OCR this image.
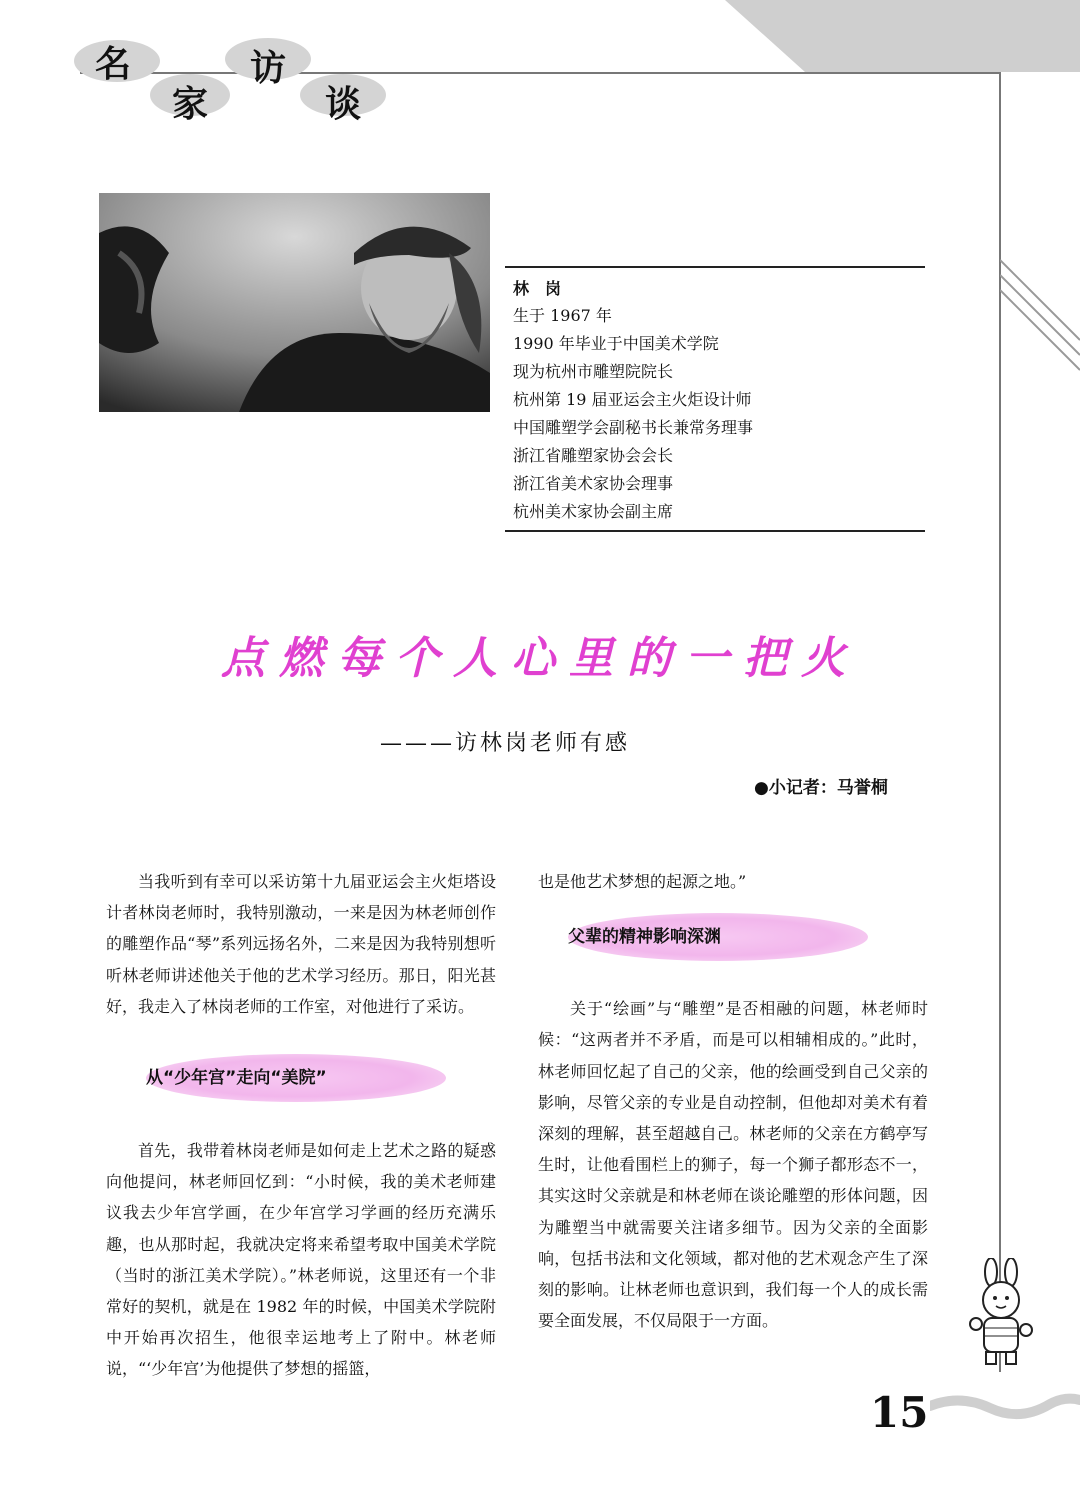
名
家
访
谈
林　岗
生于 1967 年
1990 年毕业于中国美术学院
现为杭州市雕塑院院长
杭州第 19 届亚运会主火炬设计师
中国雕塑学会副秘书长兼常务理事
浙江省雕塑家协会会长
浙江省美术家协会理事
杭州美术家协会副主席
点燃每个人心里的一把火
———访林岗老师有感
●小记者：马誉桐

当我听到有幸可以采访第十九届亚运会主火炬塔设计者林岗老师时，我特别激动，一来是因为林老师创作的雕塑作品“琴”系列远扬名外，二来是因为我特别想听听林老师讲述他关于他的艺术学习经历。那日，阳光甚好，我走入了林岗老师的工作室，对他进行了采访。

从“少年宫”走向“美院”

首先，我带着林岗老师是如何走上艺术之路的疑惑向他提问，林老师回忆到：“小时候，我的美术老师建议我去少年宫学画，在少年宫学习学画的经历充满乐趣，也从那时起，我就决定将来希望考取中国美术学院（当时的浙江美术学院）。”林老师说，这里还有一个非常好的契机，就是在 1982 年的时候，中国美术学院附中开始再次招生，他很幸运地考上了附中。林老师说，“‘少年宫’为他提供了梦想的摇篮，

也是他艺术梦想的起源之地。”

父辈的精神影响深渊

关于“绘画”与“雕塑”是否相融的问题，林老师时候：“这两者并不矛盾，而是可以相辅相成的。”此时，林老师回忆起了自己的父亲，他的绘画受到自己父亲的影响，尽管父亲的专业是自动控制，但他却对美术有着深刻的理解，甚至超越自己。林老师的父亲在方鹤亭写生时，让他看围栏上的狮子，每一个狮子都形态不一，其实这时父亲就是和林老师在谈论雕塑的形体问题，因为雕塑当中就需要关注诸多细节。因为父亲的全面影响，包括书法和文化领域，都对他的艺术观念产生了深刻的影响。让林老师也意识到，我们每一个人的成长需要全面发展，不仅局限于一方面。

15
